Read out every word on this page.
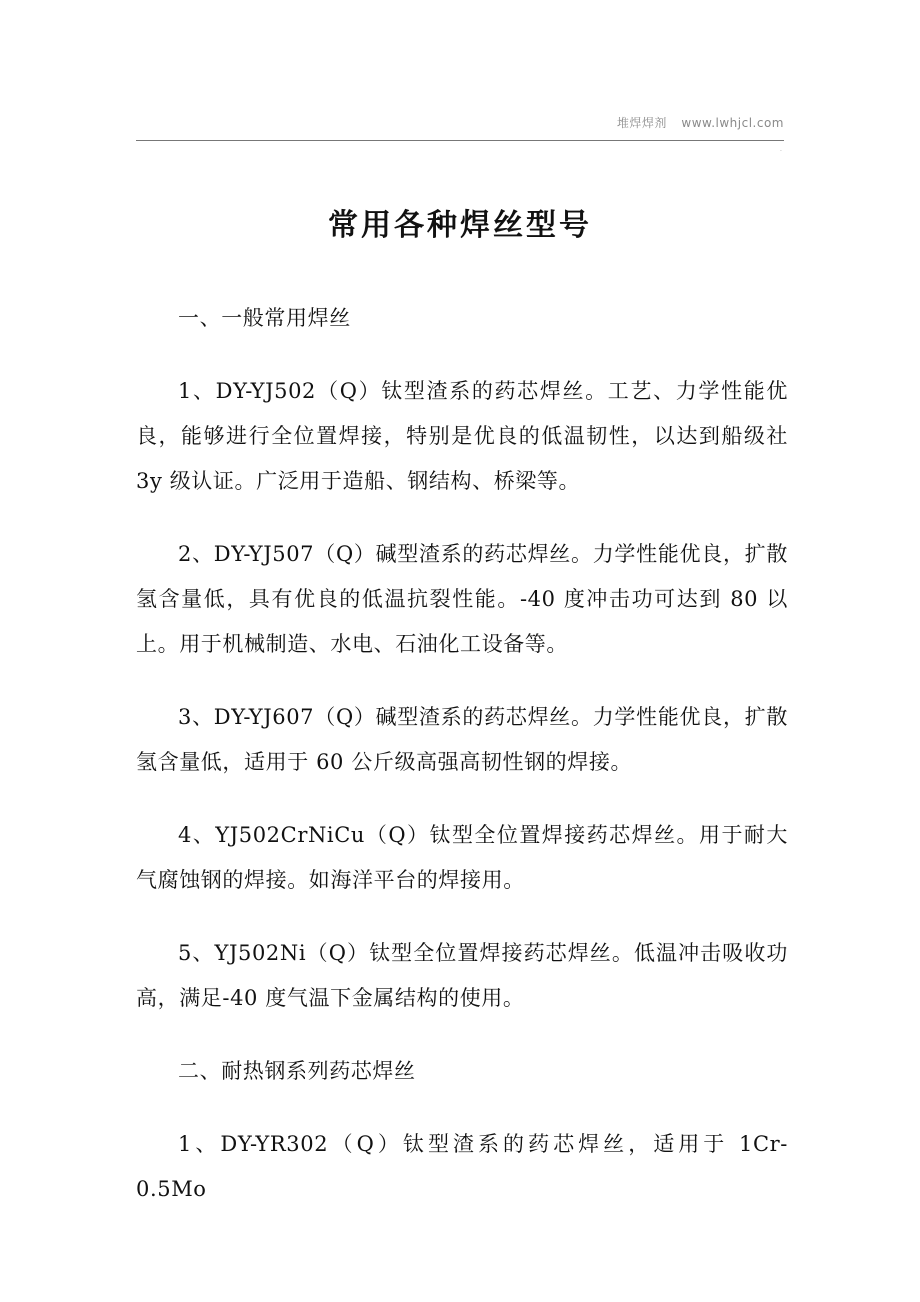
堆焊焊剂 www.lwhjcl.com
.
常用各种焊丝型号

一、一般常用焊丝

1、DY-YJ502（Q）钛型渣系的药芯焊丝。工艺、力学性能优良，能够进行全位置焊接，特别是优良的低温韧性，以达到船级社 3y 级认证。广泛用于造船、钢结构、桥梁等。

2、DY-YJ507（Q）碱型渣系的药芯焊丝。力学性能优良，扩散氢含量低，具有优良的低温抗裂性能。-40 度冲击功可达到 80 以上。用于机械制造、水电、石油化工设备等。

3、DY-YJ607（Q）碱型渣系的药芯焊丝。力学性能优良，扩散氢含量低，适用于 60 公斤级高强高韧性钢的焊接。

4、YJ502CrNiCu（Q）钛型全位置焊接药芯焊丝。用于耐大气腐蚀钢的焊接。如海洋平台的焊接用。

5、YJ502Ni（Q）钛型全位置焊接药芯焊丝。低温冲击吸收功高，满足-40 度气温下金属结构的使用。

二、耐热钢系列药芯焊丝

1、DY-YR302（Q）钛型渣系的药芯焊丝，适用于 1Cr-0.5Mo
